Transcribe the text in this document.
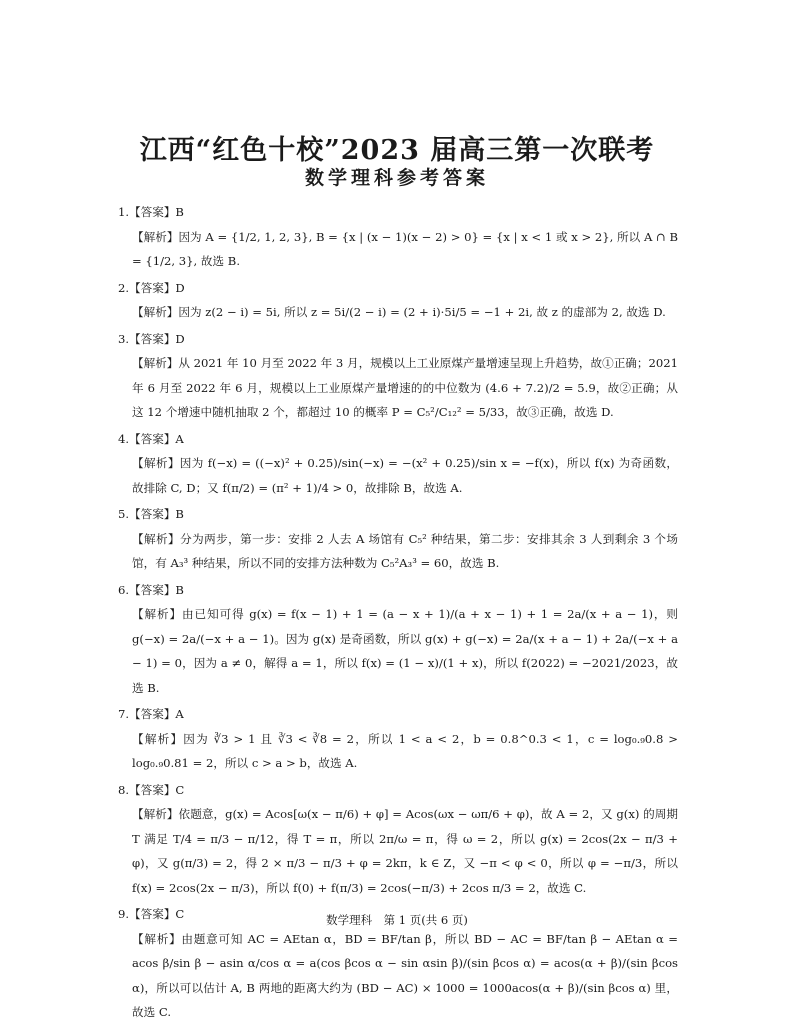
江西“红色十校”2023 届高三第一次联考
数学理科参考答案
1.【答案】B
【解析】因为 A = {1/2, 1, 2, 3}, B = {x | (x − 1)(x − 2) > 0} = {x | x < 1 或 x > 2}, 所以 A ∩ B = {1/2, 3}, 故选 B.
2.【答案】D
【解析】因为 z(2 − i) = 5i, 所以 z = 5i/(2 − i) = (2 + i)·5i/5 = −1 + 2i, 故 z 的虚部为 2, 故选 D.
3.【答案】D
【解析】从 2021 年 10 月至 2022 年 3 月，规模以上工业原煤产量增速呈现上升趋势，故①正确；2021 年 6 月至 2022 年 6 月，规模以上工业原煤产量增速的的中位数为 (4.6 + 7.2)/2 = 5.9，故②正确；从这 12 个增速中随机抽取 2 个，都超过 10 的概率 P = C₅²/C₁₂² = 5/33，故③正确，故选 D.
4.【答案】A
【解析】因为 f(−x) = ((−x)² + 0.25)/sin(−x) = −(x² + 0.25)/sin x = −f(x)，所以 f(x) 为奇函数，故排除 C, D；又 f(π/2) = (π² + 1)/4 > 0，故排除 B，故选 A.
5.【答案】B
【解析】分为两步，第一步：安排 2 人去 A 场馆有 C₅² 种结果，第二步：安排其余 3 人到剩余 3 个场馆，有 A₃³ 种结果，所以不同的安排方法种数为 C₅²A₃³ = 60，故选 B.
6.【答案】B
【解析】由已知可得 g(x) = f(x − 1) + 1 = (a − x + 1)/(a + x − 1) + 1 = 2a/(x + a − 1)，则 g(−x) = 2a/(−x + a − 1)。因为 g(x) 是奇函数，所以 g(x) + g(−x) = 2a/(x + a − 1) + 2a/(−x + a − 1) = 0，因为 a ≠ 0，解得 a = 1，所以 f(x) = (1 − x)/(1 + x)，所以 f(2022) = −2021/2023，故选 B.
7.【答案】A
【解析】因为 ∛3 > 1 且 ∛3 < ∛8 = 2，所以 1 < a < 2，b = 0.8^0.3 < 1，c = log₀.₉0.8 > log₀.₉0.81 = 2，所以 c > a > b，故选 A.
8.【答案】C
【解析】依题意，g(x) = Acos[ω(x − π/6) + φ] = Acos(ωx − ωπ/6 + φ)，故 A = 2，又 g(x) 的周期 T 满足 T/4 = π/3 − π/12，得 T = π，所以 2π/ω = π，得 ω = 2，所以 g(x) = 2cos(2x − π/3 + φ)，又 g(π/3) = 2，得 2 × π/3 − π/3 + φ = 2kπ，k ∈ Z，又 −π < φ < 0，所以 φ = −π/3，所以 f(x) = 2cos(2x − π/3)，所以 f(0) + f(π/3) = 2cos(−π/3) + 2cos π/3 = 2，故选 C.
9.【答案】C
【解析】由题意可知 AC = AEtan α，BD = BF/tan β，所以 BD − AC = BF/tan β − AEtan α = acos β/sin β − asin α/cos α = a(cos βcos α − sin αsin β)/(sin βcos α) = acos(α + β)/(sin βcos α)，所以可以估计 A, B 两地的距离大约为 (BD − AC) × 1000 = 1000acos(α + β)/(sin βcos α) 里，故选 C.
数学理科　第 1 页(共 6 页)
